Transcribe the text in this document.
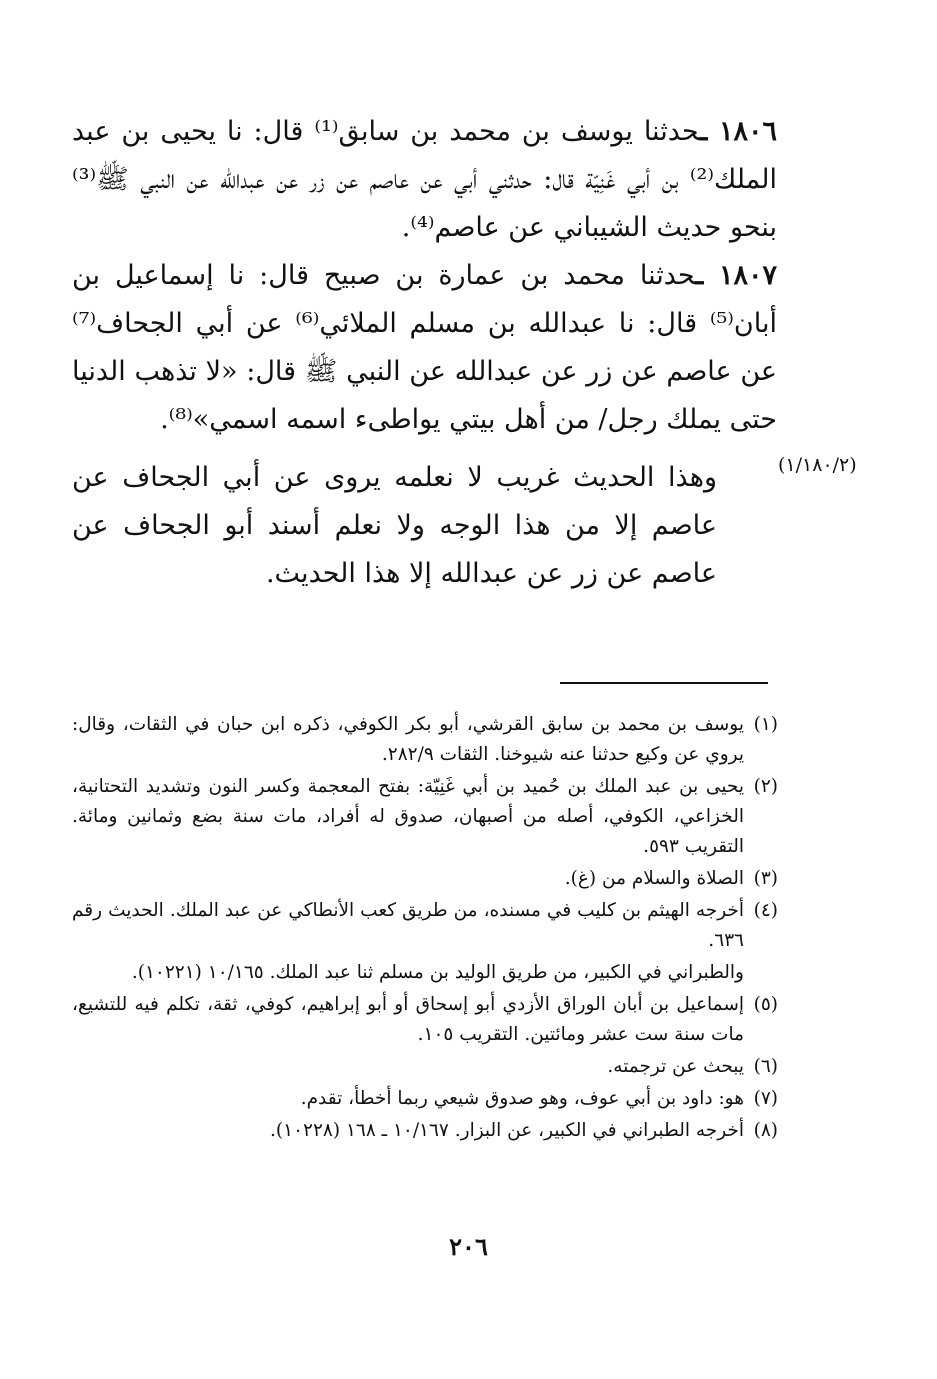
١٨٠٦ ـحدثنا يوسف بن محمد بن سابق⁽¹⁾ قال: نا يحيى بن عبد الملك⁽²⁾ بن أبي غَنِيّة قال: حدثني أبي عن عاصم عن زر عن عبدالله عن النبي ﷺ⁽³⁾ بنحو حديث الشيباني عن عاصم⁽⁴⁾.

١٨٠٧ ـحدثنا محمد بن عمارة بن صبيح قال: نا إسماعيل بن أبان⁽⁵⁾ قال: نا عبدالله بن مسلم الملائي⁽⁶⁾ عن أبي الجحاف⁽⁷⁾ عن عاصم عن زر عن عبدالله عن النبي ﷺ قال: «لا تذهب الدنيا حتى يملك رجل/ من أهل بيتي يواطىء اسمه اسمي»⁽⁸⁾.

وهذا الحديث غريب لا نعلمه يروى عن أبي الجحاف عن عاصم إلا من هذا الوجه ولا نعلم أسند أبو الجحاف عن عاصم عن زر عن عبدالله إلا هذا الحديث.

(١/١٨٠/٢)

(١)يوسف بن محمد بن سابق القرشي، أبو بكر الكوفي، ذكره ابن حبان في الثقات، وقال: يروي عن وكيع حدثنا عنه شيوخنا. الثقات ٢٨٢/٩.

(٢)يحيى بن عبد الملك بن حُميد بن أبي غَنِيّة: بفتح المعجمة وكسر النون وتشديد التحتانية، الخزاعي، الكوفي، أصله من أصبهان، صدوق له أفراد، مات سنة بضع وثمانين ومائة. التقريب ٥٩٣.

(٣)الصلاة والسلام من (غ).

(٤)أخرجه الهيثم بن كليب في مسنده، من طريق كعب الأنطاكي عن عبد الملك. الحديث رقم ٦٣٦.

والطبراني في الكبير، من طريق الوليد بن مسلم ثنا عبد الملك. ١٠/١٦٥ (١٠٢٢١).

(٥)إسماعيل بن أبان الوراق الأزدي أبو إسحاق أو أبو إبراهيم، كوفي، ثقة، تكلم فيه للتشيع، مات سنة ست عشر ومائتين. التقريب ١٠٥.

(٦)يبحث عن ترجمته.

(٧)هو: داود بن أبي عوف، وهو صدوق شيعي ربما أخطأ، تقدم.

(٨)أخرجه الطبراني في الكبير، عن البزار. ١٠/١٦٧ ـ ١٦٨ (١٠٢٢٨).

٢٠٦
